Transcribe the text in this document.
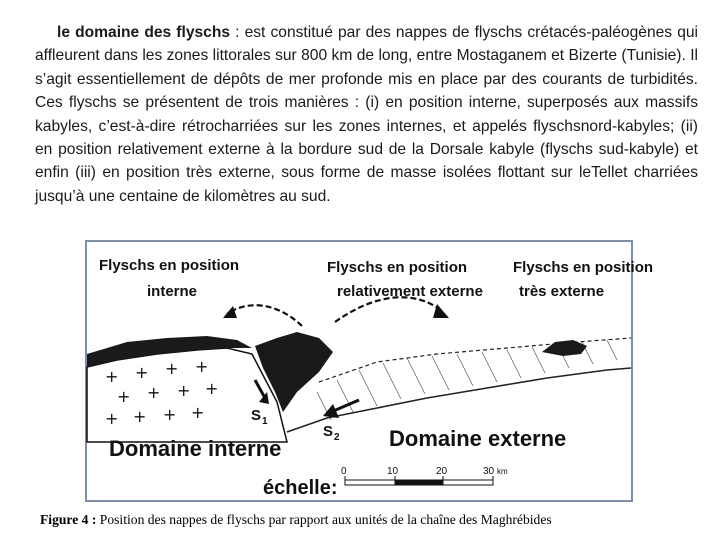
le domaine des flyschs : est constitué par des nappes de flyschs crétacés-paléogènes qui affleurent dans les zones littorales sur 800 km de long, entre Mostaganem et Bizerte (Tunisie). Il s’agit essentiellement de dépôts de mer profonde mis en place par des courants de turbidités. Ces flyschs se présentent de trois manières : (i) en position interne, superposés aux massifs kabyles, c’est-à-dire rétrocharriées sur les zones internes, et appelés flyschsnord-kabyles; (ii) en position relativement externe à la bordure sud de la Dorsale kabyle (flyschs sud-kabyle) et enfin (iii) en position très externe, sous forme de masse isolées flottant sur leTellet charriées jusqu’à une centaine de kilomètres au sud.

+ + + +
+ + + +
+ + + +
Flyschs en position
interne
Flyschs en position
relativement externe
Flyschs en position
très externe
S 1
S 2
Domaine interne	Domaine externe
échelle:
0	10	20	30 km
Figure 4 : Position des nappes de flyschs par rapport aux unités de la chaîne des Maghrébides
